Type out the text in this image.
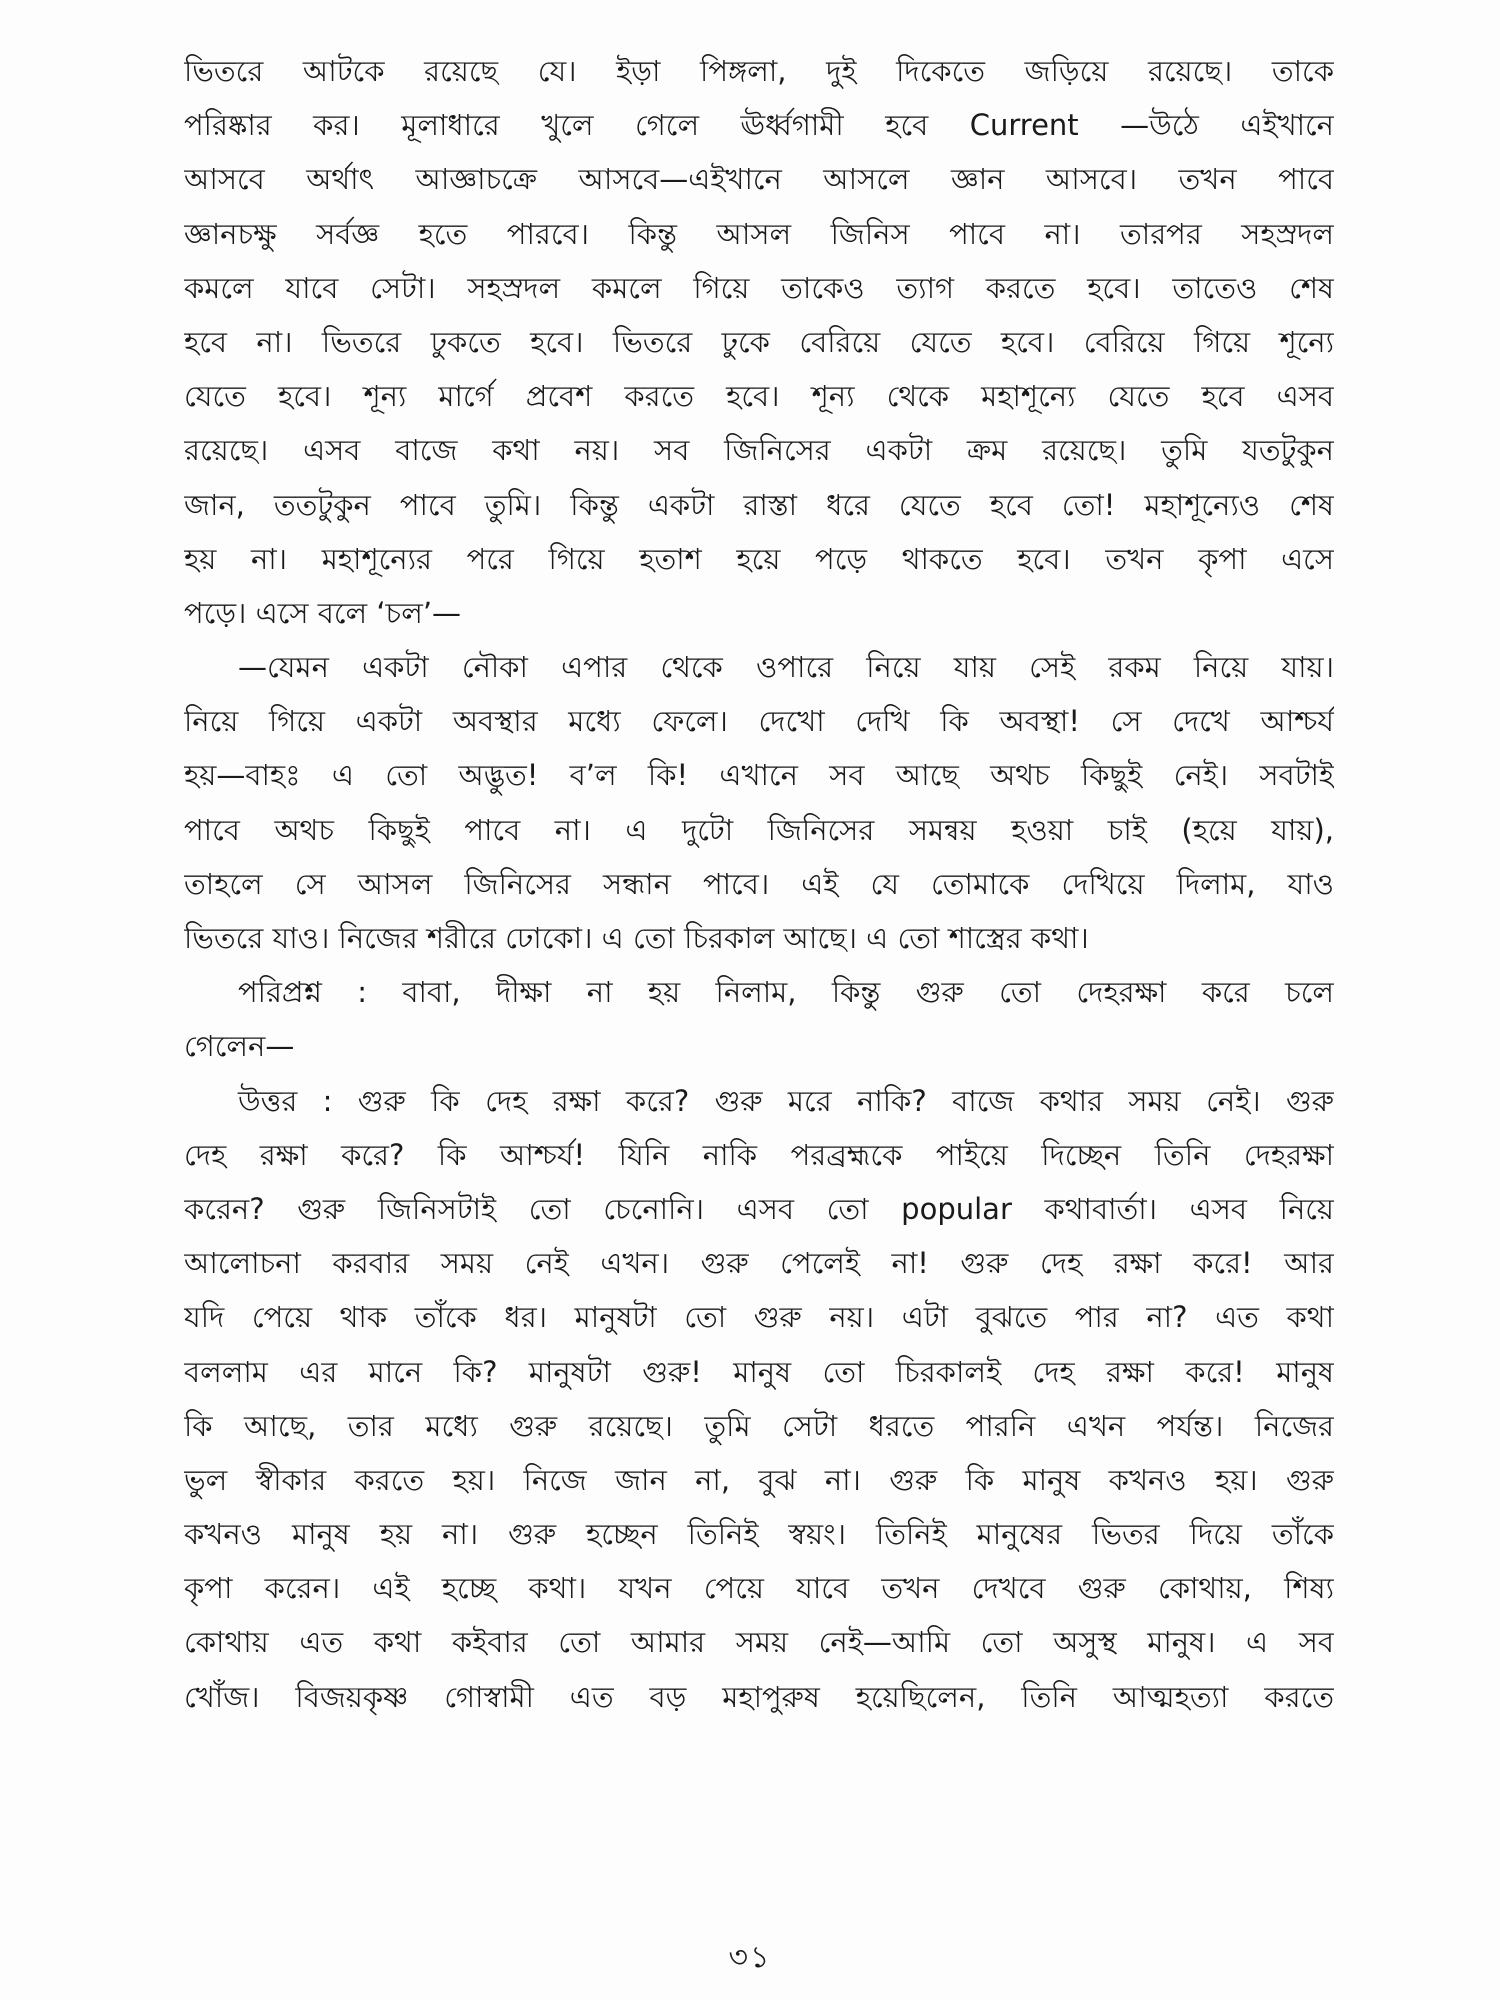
ভিতরে আটকে রয়েছে যে। ইড়া পিঙ্গলা, দুই দিকেতে জড়িয়ে রয়েছে। তাকে
পরিষ্কার কর। মূলাধারে খুলে গেলে ঊর্ধ্বগামী হবে Current —উঠে এইখানে
আসবে অর্থাৎ আজ্ঞাচক্রে আসবে—এইখানে আসলে জ্ঞান আসবে। তখন পাবে
জ্ঞানচক্ষু সর্বজ্ঞ হতে পারবে। কিন্তু আসল জিনিস পাবে না। তারপর সহস্রদল
কমলে যাবে সেটা। সহস্রদল কমলে গিয়ে তাকেও ত্যাগ করতে হবে। তাতেও শেষ
হবে না। ভিতরে ঢুকতে হবে। ভিতরে ঢুকে বেরিয়ে যেতে হবে। বেরিয়ে গিয়ে শূন্যে
যেতে হবে। শূন্য মার্গে প্রবেশ করতে হবে। শূন্য থেকে মহাশূন্যে যেতে হবে এসব
রয়েছে। এসব বাজে কথা নয়। সব জিনিসের একটা ক্রম রয়েছে। তুমি যতটুকুন
জান, ততটুকুন পাবে তুমি। কিন্তু একটা রাস্তা ধরে যেতে হবে তো! মহাশূন্যেও শেষ
হয় না। মহাশূন্যের পরে গিয়ে হতাশ হয়ে পড়ে থাকতে হবে। তখন কৃপা এসে
পড়ে। এসে বলে ‘চল’—
—যেমন একটা নৌকা এপার থেকে ওপারে নিয়ে যায় সেই রকম নিয়ে যায়।
নিয়ে গিয়ে একটা অবস্থার মধ্যে ফেলে। দেখো দেখি কি অবস্থা! সে দেখে আশ্চর্য
হয়—বাহঃ এ তো অদ্ভুত! ব’ল কি! এখানে সব আছে অথচ কিছুই নেই। সবটাই
পাবে অথচ কিছুই পাবে না। এ দুটো জিনিসের সমন্বয় হওয়া চাই (হয়ে যায়),
তাহলে সে আসল জিনিসের সন্ধান পাবে। এই যে তোমাকে দেখিয়ে দিলাম, যাও
ভিতরে যাও। নিজের শরীরে ঢোকো। এ তো চিরকাল আছে। এ তো শাস্ত্রের কথা।
পরিপ্রশ্ন : বাবা, দীক্ষা না হয় নিলাম, কিন্তু গুরু তো দেহরক্ষা করে চলে
গেলেন—
উত্তর : গুরু কি দেহ রক্ষা করে? গুরু মরে নাকি? বাজে কথার সময় নেই। গুরু
দেহ রক্ষা করে? কি আশ্চর্য! যিনি নাকি পরব্রহ্মকে পাইয়ে দিচ্ছেন তিনি দেহরক্ষা
করেন? গুরু জিনিসটাই তো চেনোনি। এসব তো popular কথাবার্তা। এসব নিয়ে
আলোচনা করবার সময় নেই এখন। গুরু পেলেই না! গুরু দেহ রক্ষা করে! আর
যদি পেয়ে থাক তাঁকে ধর। মানুষটা তো গুরু নয়। এটা বুঝতে পার না? এত কথা
বললাম এর মানে কি? মানুষটা গুরু! মানুষ তো চিরকালই দেহ রক্ষা করে! মানুষ
কি আছে, তার মধ্যে গুরু রয়েছে। তুমি সেটা ধরতে পারনি এখন পর্যন্ত। নিজের
ভুল স্বীকার করতে হয়। নিজে জান না, বুঝ না। গুরু কি মানুষ কখনও হয়। গুরু
কখনও মানুষ হয় না। গুরু হচ্ছেন তিনিই স্বয়ং। তিনিই মানুষের ভিতর দিয়ে তাঁকে
কৃপা করেন। এই হচ্ছে কথা। যখন পেয়ে যাবে তখন দেখবে গুরু কোথায়, শিষ্য
কোথায় এত কথা কইবার তো আমার সময় নেই—আমি তো অসুস্থ মানুষ। এ সব
খোঁজ। বিজয়কৃষ্ণ গোস্বামী এত বড় মহাপুরুষ হয়েছিলেন, তিনি আত্মহত্যা করতে
৩১
